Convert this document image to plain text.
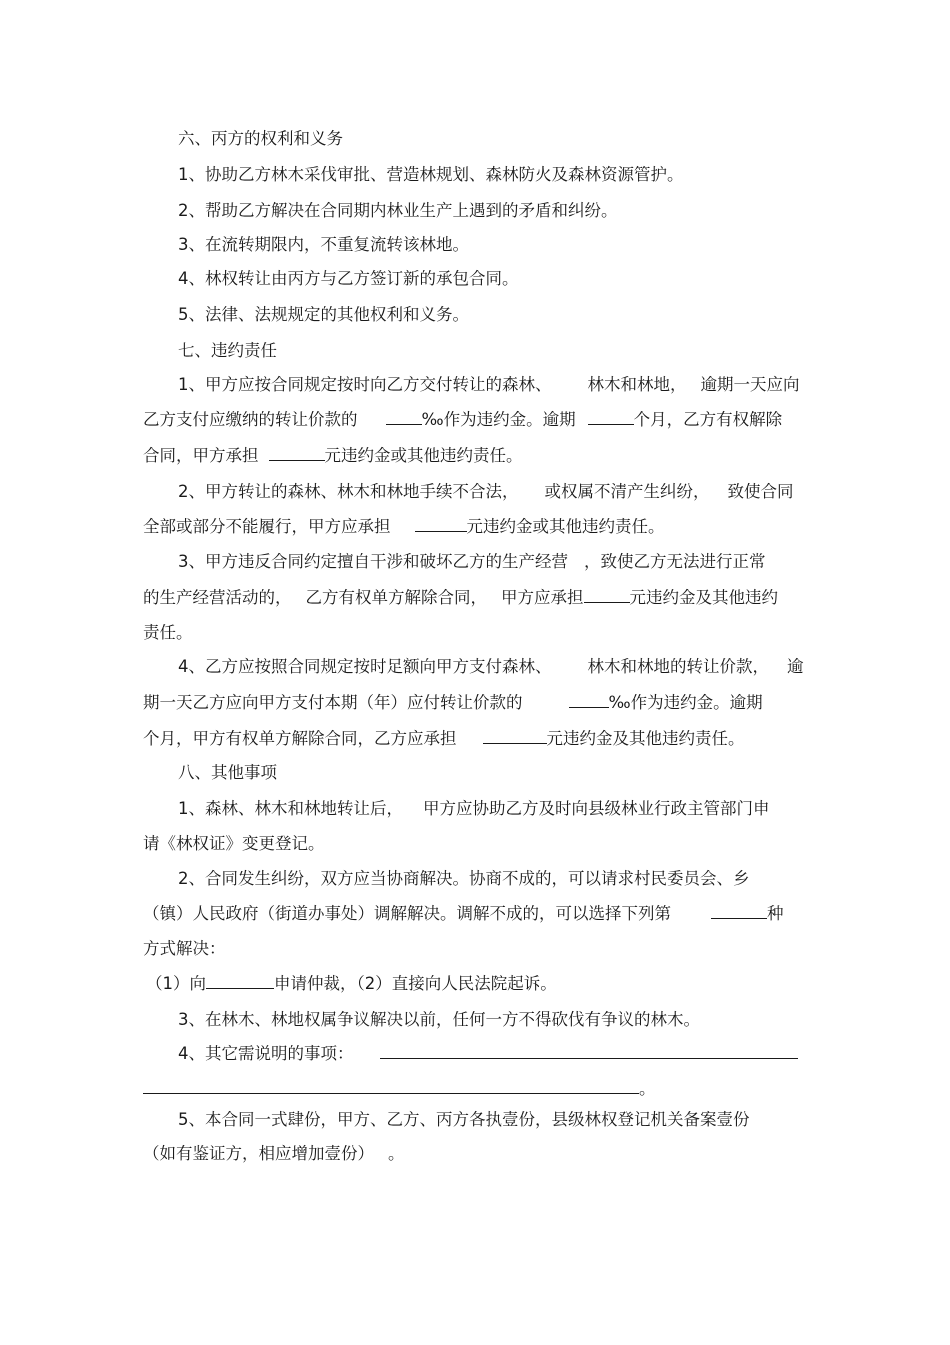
六、丙方的权利和义务
1、协助乙方林木采伐审批、营造林规划、森林防火及森林资源管护。
2、帮助乙方解决在合同期内林业生产上遇到的矛盾和纠纷。
3、在流转期限内，不重复流转该林地。
4、林权转让由丙方与乙方签订新的承包合同。
5、法律、法规规定的其他权利和义务。
七、违约责任
1、甲方应按合同规定按时向乙方交付转让的森林、 林木和林地， 逾期一天应向
乙方支付应缴纳的转让价款的	‰作为违约金。逾期	个月，乙方有权解除
合同，甲方承担	元违约金或其他违约责任。
2、甲方转让的森林、林木和林地手续不合法， 或权属不清产生纠纷， 致使合同
全部或部分不能履行，甲方应承担	元违约金或其他违约责任。
3、甲方违反合同约定擅自干涉和破坏乙方的生产经营 ，致使乙方无法进行正常
的生产经营活动的， 乙方有权单方解除合同， 甲方应承担	元违约金及其他违约
责任。
4、乙方应按照合同规定按时足额向甲方支付森林、 林木和林地的转让价款， 逾
期一天乙方应向甲方支付本期（年）应付转让价款的	‰作为违约金。逾期
个月，甲方有权单方解除合同，乙方应承担	元违约金及其他违约责任。
八、其他事项
1、森林、林木和林地转让后， 甲方应协助乙方及时向县级林业行政主管部门申
请《林权证》变更登记。
2、合同发生纠纷，双方应当协商解决。协商不成的，可以请求村民委员会、乡
（镇）人民政府（街道办事处）调解解决。调解不成的，可以选择下列第	种
方式解决：
（1）向	申请仲裁，（2）直接向人民法院起诉。
3、在林木、林地权属争议解决以前，任何一方不得砍伐有争议的林木。
4、其它需说明的事项：
。
5、本合同一式肆份，甲方、乙方、丙方各执壹份，县级林权登记机关备案壹份
（如有鉴证方，相应增加壹份） 。
